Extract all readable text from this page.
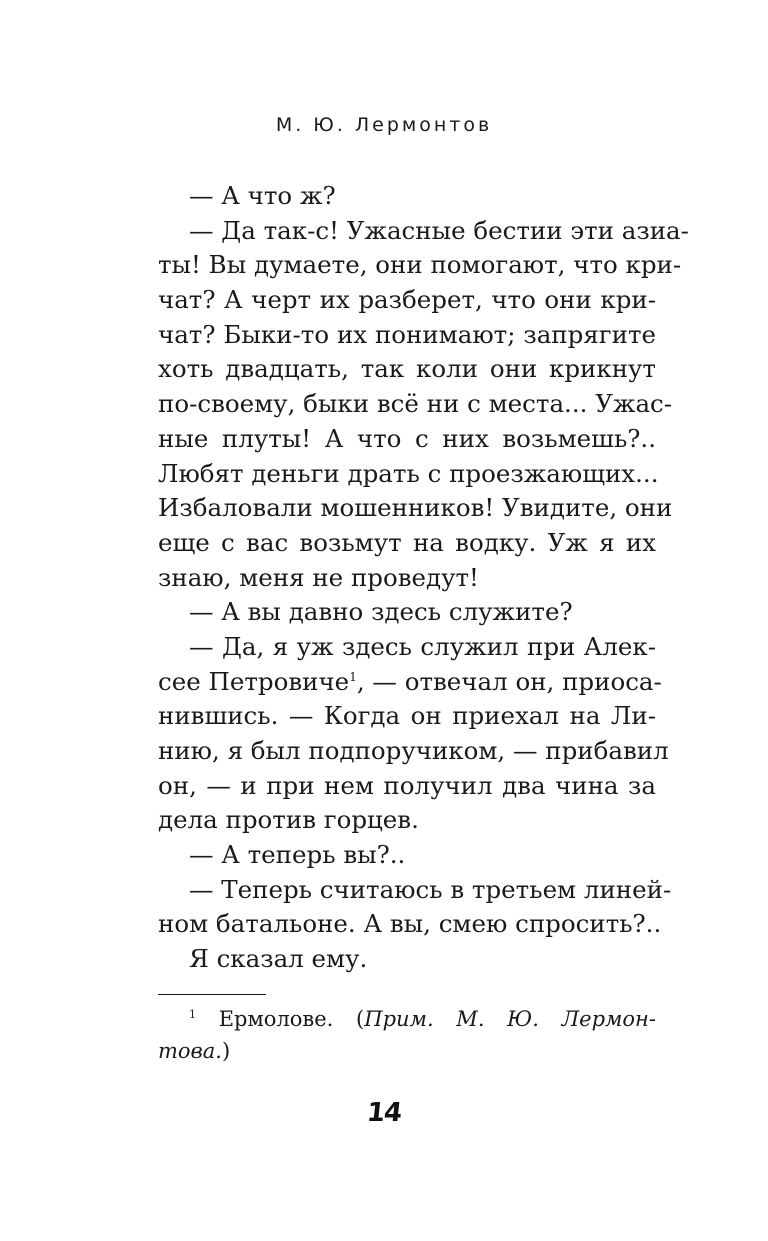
М. Ю. Лермонтов
— А что ж?
— Да так-с! Ужасные бестии эти азиа-
ты! Вы думаете, они помогают, что кри-
чат? А черт их разберет, что они кри-
чат? Быки-то их понимают; запрягите
хоть двадцать, так коли они крикнут
по-своему, быки всё ни с места... Ужас-
ные плуты! А что с них возьмешь?..
Любят деньги драть с проезжающих...
Избаловали мошенников! Увидите, они
еще с вас возьмут на водку. Уж я их
знаю, меня не проведут!
— А вы давно здесь служите?
— Да, я уж здесь служил при Алек-
сее Петровиче$^1$, — отвечал он, приоса-
нившись. — Когда он приехал на Ли-
нию, я был подпоручиком, — прибавил
он, — и при нем получил два чина за
дела против горцев.
— А теперь вы?..
— Теперь считаюсь в третьем линей-
ном батальоне. А вы, смею спросить?..
Я сказал ему.
$^1$ Ермолове. (Прим. М. Ю. Лермон-
това.)
14
